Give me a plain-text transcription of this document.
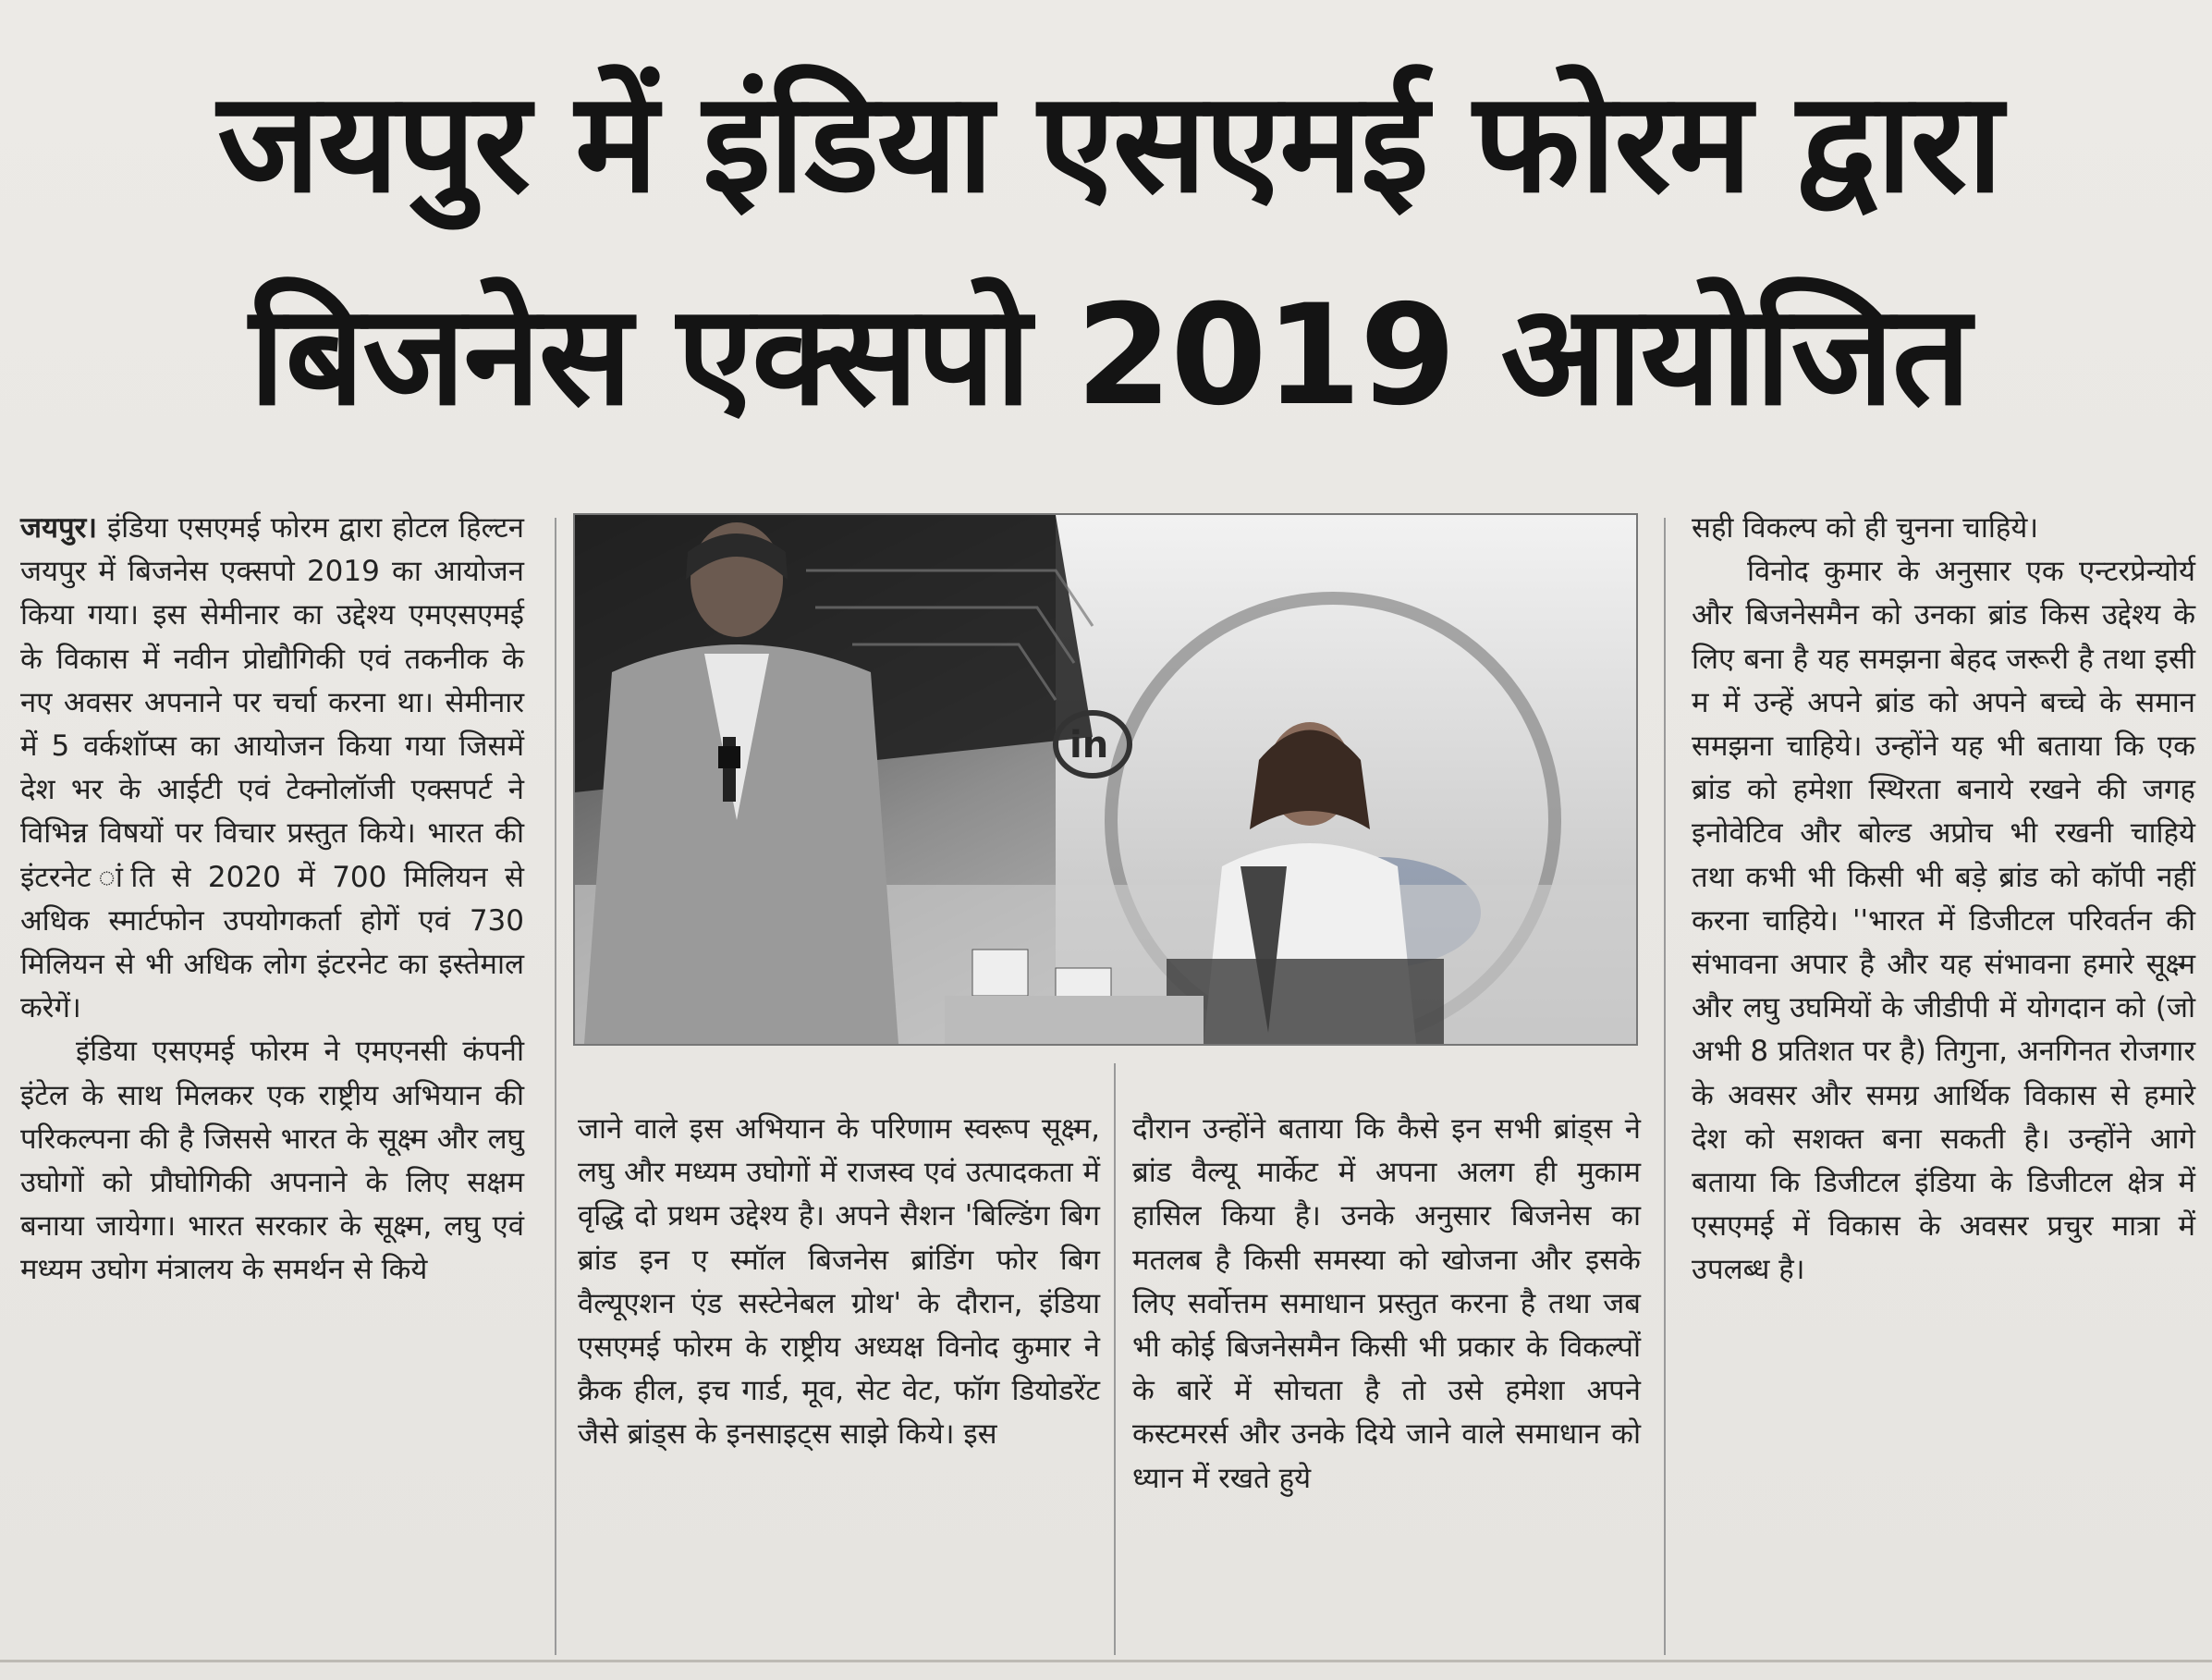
जयपुर में इंडिया एसएमई फोरम द्वारा
बिजनेस एक्सपो 2019 आयोजित

जयपुर। इंडिया एसएमई फोरम द्वारा होटल हिल्टन जयपुर में बिजनेस एक्सपो 2019 का आयोजन किया गया। इस सेमीनार का उद्देश्य एमएसएमई के विकास में नवीन प्रोद्यौगिकी एवं तकनीक के नए अवसर अपनाने पर चर्चा करना था। सेमीनार में 5 वर्कशॉप्स का आयोजन किया गया जिसमें देश भर के आईटी एवं टेक्नोलॉजी एक्सपर्ट ने विभिन्न विषयों पर विचार प्रस्तुत किये। भारत की इंटरनेट ांति से 2020 में 700 मिलियन से अधिक स्मार्टफोन उपयोगकर्ता होगें एवं 730 मिलियन से भी अधिक लोग इंटरनेट का इस्तेमाल करेगें।

इंडिया एसएमई फोरम ने एमएनसी कंपनी इंटेल के साथ मिलकर एक राष्ट्रीय अभियान की परिकल्पना की है जिससे भारत के सूक्ष्म और लघु उघोगों को प्रौघोगिकी अपनाने के लिए सक्षम बनाया जायेगा। भारत सरकार के सूक्ष्म, लघु एवं मध्यम उघोग मंत्रालय के समर्थन से किये

in

जाने वाले इस अभियान के परिणाम स्वरूप सूक्ष्म, लघु और मध्यम उघोगों में राजस्व एवं उत्पादकता में वृद्धि दो प्रथम उद्देश्य है। अपने सैशन 'बिल्डिंग बिग ब्रांड इन ए स्मॉल बिजनेस ब्रांडिंग फोर बिग वैल्यूएशन एंड सस्टेनेबल ग्रोथ' के दौरान, इंडिया एसएमई फोरम के राष्ट्रीय अध्यक्ष विनोद कुमार ने क्रैक हील, इच गार्ड, मूव, सेट वेट, फॉग डियोडरेंट जैसे ब्रांड्स के इनसाइट्स साझे किये। इस

दौरान उन्होंने बताया कि कैसे इन सभी ब्रांड्स ने ब्रांड वैल्यू मार्केट में अपना अलग ही मुकाम हासिल किया है। उनके अनुसार बिजनेस का मतलब है किसी समस्या को खोजना और इसके लिए सर्वोत्तम समाधान प्रस्तुत करना है तथा जब भी कोई बिजनेसमैन किसी भी प्रकार के विकल्पों के बारें में सोचता है तो उसे हमेशा अपने कस्टमरर्स और उनके दिये जाने वाले समाधान को ध्यान में रखते हुये

सही विकल्प को ही चुनना चाहिये।

विनोद कुमार के अनुसार एक एन्टरप्रेन्योर्य और बिजनेसमैन को उनका ब्रांड किस उद्देश्य के लिए बना है यह समझना बेहद जरूरी है तथा इसी म में उन्हें अपने ब्रांड को अपने बच्चे के समान समझना चाहिये। उन्होंने यह भी बताया कि एक ब्रांड को हमेशा स्थिरता बनाये रखने की जगह इनोवेटिव और बोल्ड अप्रोच भी रखनी चाहिये तथा कभी भी किसी भी बड़े ब्रांड को कॉपी नहीं करना चाहिये। ''भारत में डिजीटल परिवर्तन की संभावना अपार है और यह संभावना हमारे सूक्ष्म और लघु उघमियों के जीडीपी में योगदान को (जो अभी 8 प्रतिशत पर है) तिगुना, अनगिनत रोजगार के अवसर और समग्र आर्थिक विकास से हमारे देश को सशक्त बना सकती है। उन्होंने आगे बताया कि डिजीटल इंडिया के डिजीटल क्षेत्र में एसएमई में विकास के अवसर प्रचुर मात्रा में उपलब्ध है।
